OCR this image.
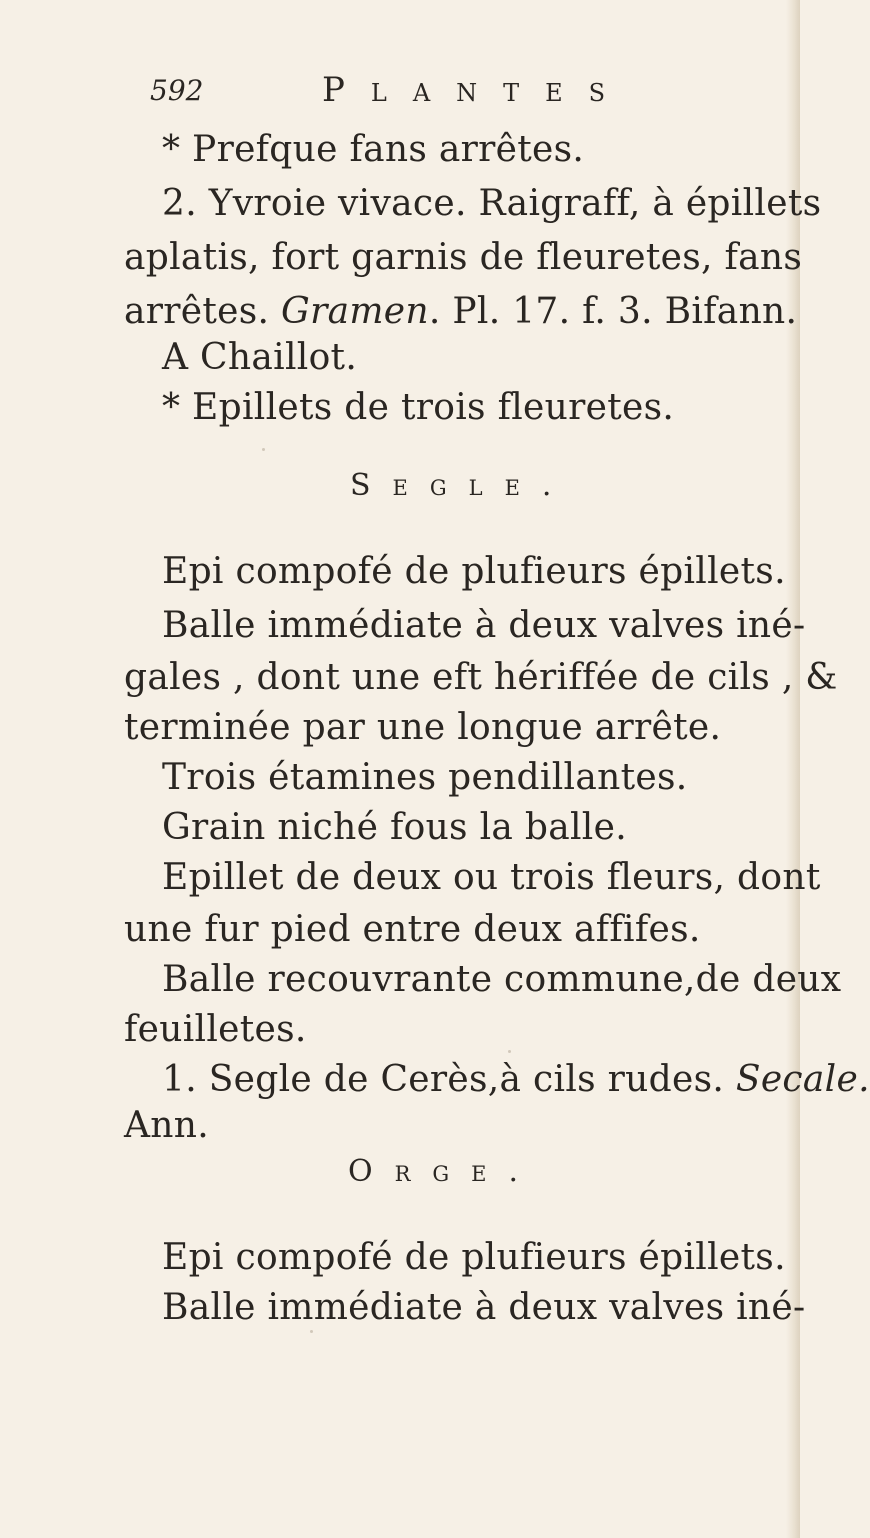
592	Plantes
* Prefque fans arrêtes.
2. Yvroie vivace. Raigraff, à épillets
aplatis, fort garnis de fleuretes, fans
arrêtes. Gramen. Pl. 17. f. 3. Bifann.
A Chaillot.
* Epillets de trois fleuretes.
Segle.
Epi compofé de plufieurs épillets.
Balle immédiate à deux valves iné-
gales , dont une eft hériffée de cils , &
terminée par une longue arrête.
Trois étamines pendillantes.
Grain niché fous la balle.
Epillet de deux ou trois fleurs, dont
une fur pied entre deux affifes.
Balle recouvrante commune,de deux
feuilletes.
1. Segle de Cerès,à cils rudes. Secale.
Ann.
Orge.
Epi compofé de plufieurs épillets.
Balle immédiate à deux valves iné-
